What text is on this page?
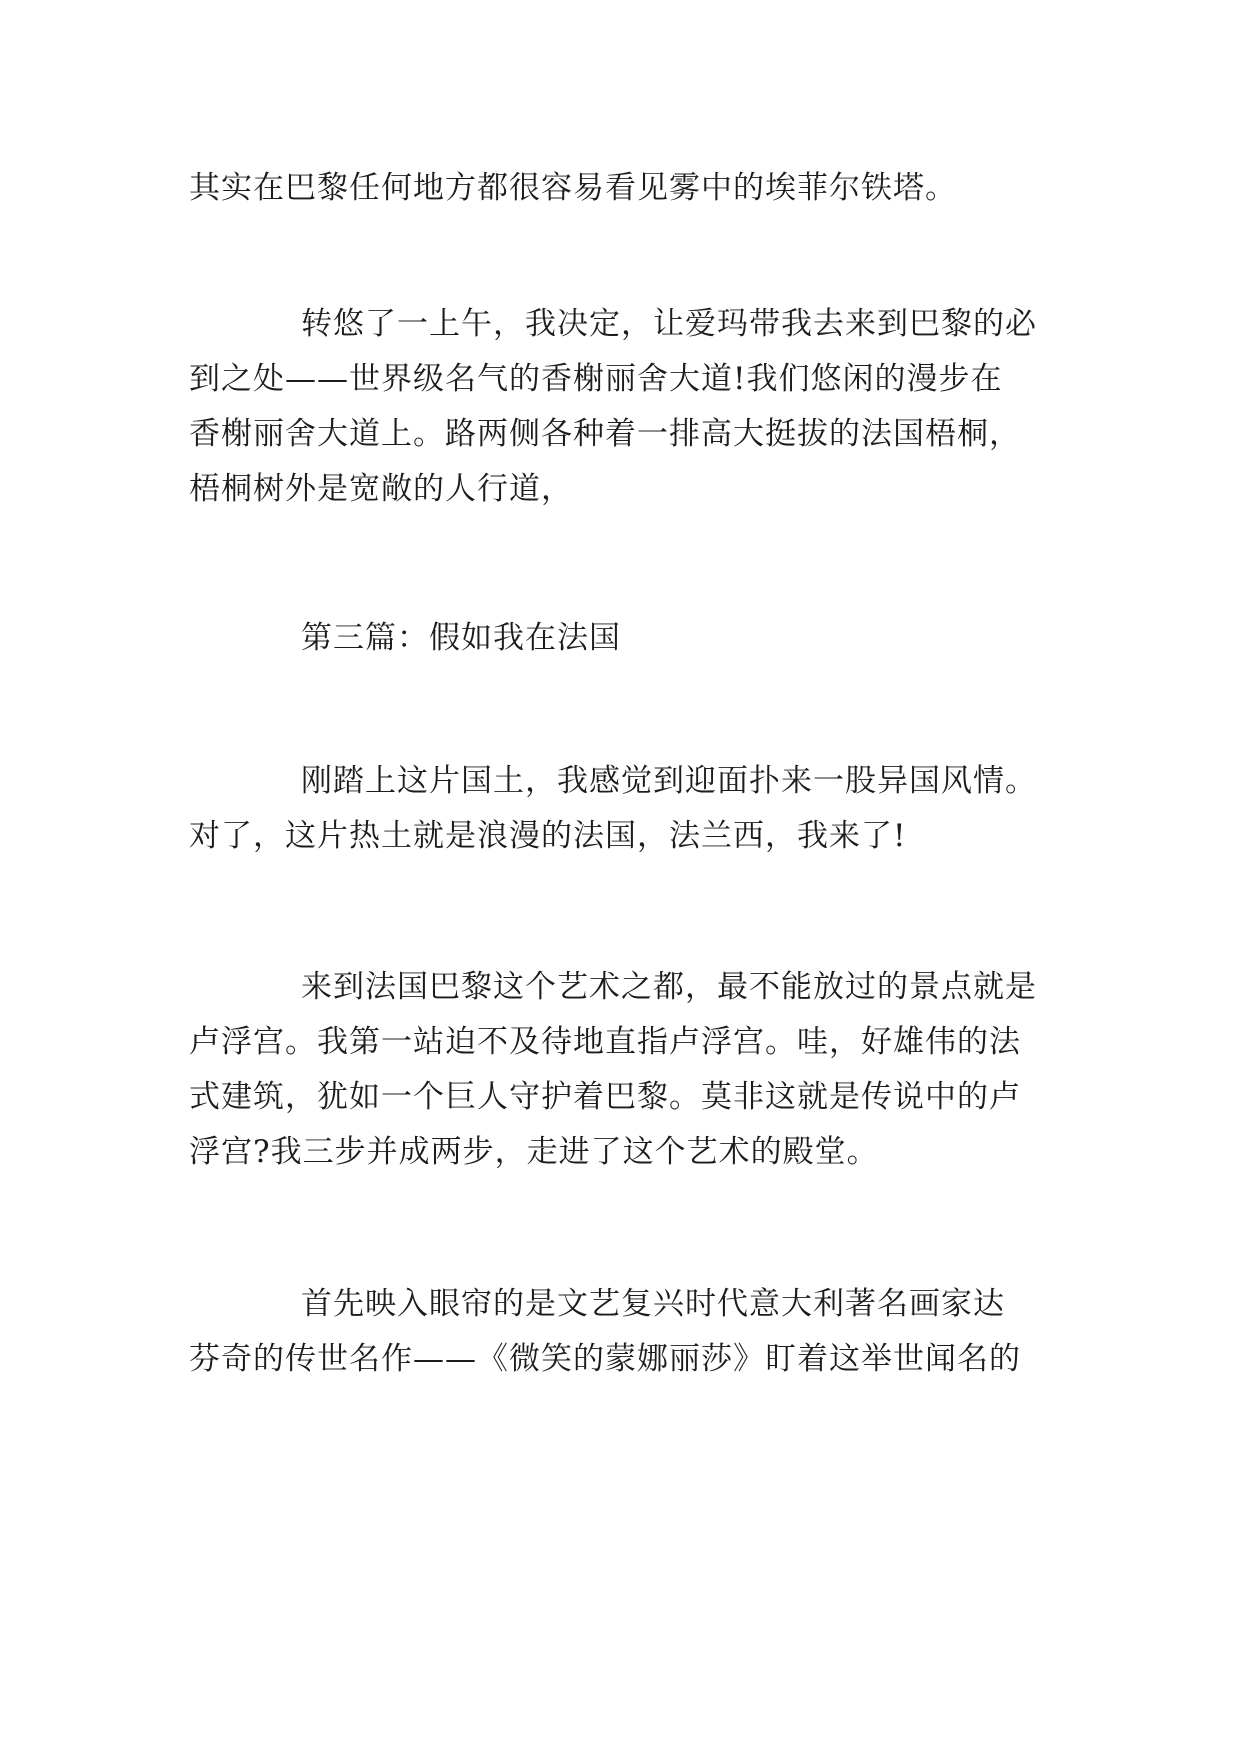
其实在巴黎任何地方都很容易看见雾中的埃菲尔铁塔。
转悠了一上午，我决定，让爱玛带我去来到巴黎的必
到之处——世界级名气的香榭丽舍大道!我们悠闲的漫步在
香榭丽舍大道上。路两侧各种着一排高大挺拔的法国梧桐，
梧桐树外是宽敞的人行道，
第三篇：假如我在法国
刚踏上这片国土，我感觉到迎面扑来一股异国风情。
对了，这片热土就是浪漫的法国，法兰西，我来了!
来到法国巴黎这个艺术之都，最不能放过的景点就是
卢浮宫。我第一站迫不及待地直指卢浮宫。哇，好雄伟的法
式建筑，犹如一个巨人守护着巴黎。莫非这就是传说中的卢
浮宫?我三步并成两步，走进了这个艺术的殿堂。
首先映入眼帘的是文艺复兴时代意大利著名画家达
芬奇的传世名作——《微笑的蒙娜丽莎》盯着这举世闻名的
